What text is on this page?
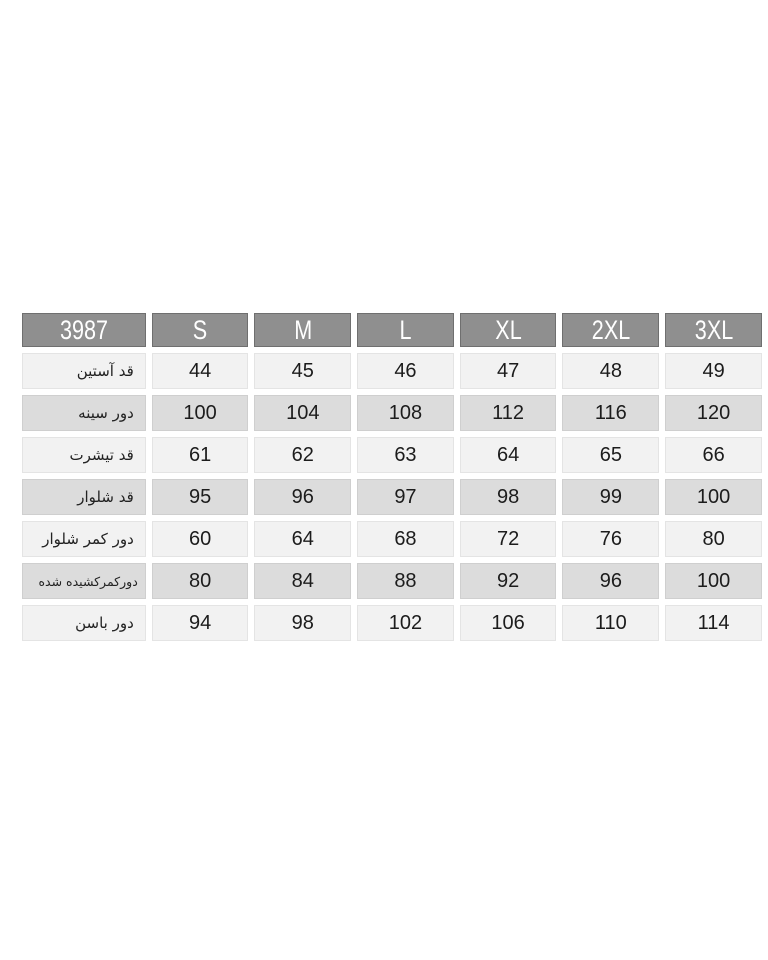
3987	S	M	L	XL	2XL	3XL
قد آستین	44	45	46	47	48	49
دور سینه	100	104	108	112	116	120
قد تیشرت	61	62	63	64	65	66
قد شلوار	95	96	97	98	99	100
دور کمر شلوار	60	64	68	72	76	80
دورکمرکشیده شده	80	84	88	92	96	100
دور باسن	94	98	102	106	110	114
